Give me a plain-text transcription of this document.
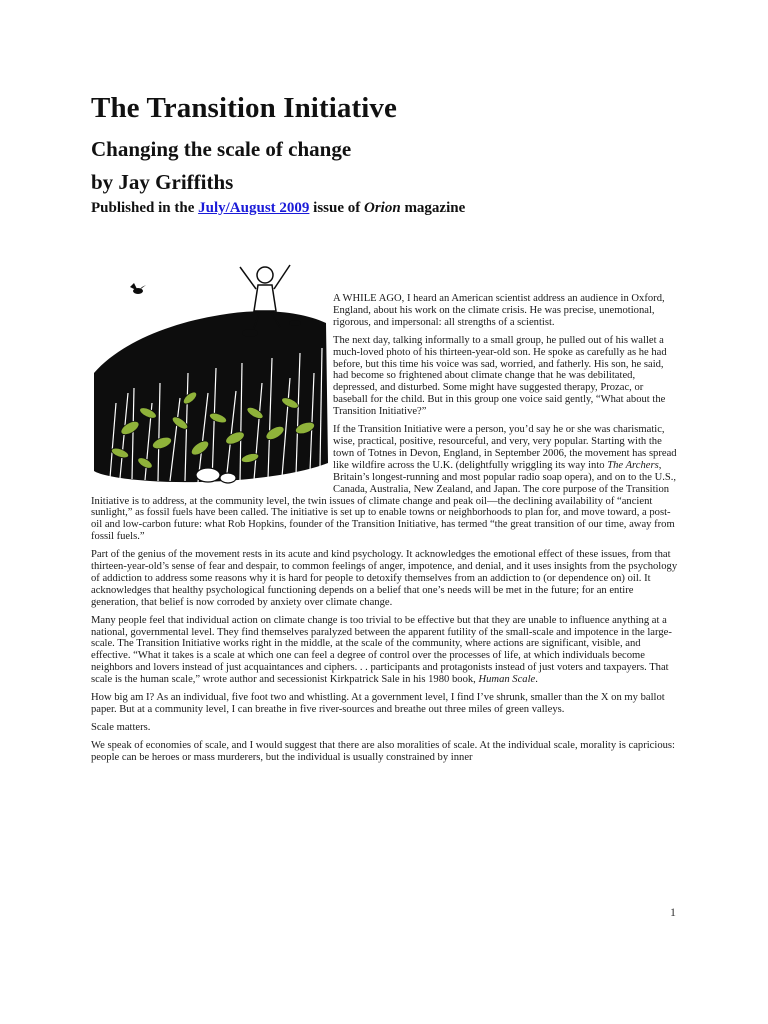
The Transition Initiative
Changing the scale of change
by Jay Griffiths

Published in the July/August 2009 issue of Orion magazine

A WHILE AGO, I heard an American scientist address an audience in Oxford, England, about his work on the climate crisis. He was precise, unemotional, rigorous, and impersonal: all strengths of a scientist.

The next day, talking informally to a small group, he pulled out of his wallet a much-loved photo of his thirteen-year-old son. He spoke as carefully as he had before, but this time his voice was sad, worried, and fatherly. His son, he said, had become so frightened about climate change that he was debilitated, depressed, and disturbed. Some might have suggested therapy, Prozac, or baseball for the child. But in this group one voice said gently, “What about the Transition Initiative?”

If the Transition Initiative were a person, you’d say he or she was charismatic, wise, practical, positive, resourceful, and very, very popular. Starting with the town of Totnes in Devon, England, in September 2006, the movement has spread like wildfire across the U.K. (delightfully wriggling its way into The Archers, Britain’s longest-running and most popular radio soap opera), and on to the U.S., Canada, Australia, New Zealand, and Japan. The core purpose of the Transition Initiative is to address, at the community level, the twin issues of climate change and peak oil—the declining availability of “ancient sunlight,” as fossil fuels have been called. The initiative is set up to enable towns or neighborhoods to plan for, and move toward, a post-oil and low-carbon future: what Rob Hopkins, founder of the Transition Initiative, has termed “the great transition of our time, away from fossil fuels.”

Part of the genius of the movement rests in its acute and kind psychology. It acknowledges the emotional effect of these issues, from that thirteen-year-old’s sense of fear and despair, to common feelings of anger, impotence, and denial, and it uses insights from the psychology of addiction to address some reasons why it is hard for people to detoxify themselves from an addiction to (or dependence on) oil. It acknowledges that healthy psychological functioning depends on a belief that one’s needs will be met in the future; for an entire generation, that belief is now corroded by anxiety over climate change.

Many people feel that individual action on climate change is too trivial to be effective but that they are unable to influence anything at a national, governmental level. They find themselves paralyzed between the apparent futility of the small-scale and impotence in the large-scale. The Transition Initiative works right in the middle, at the scale of the community, where actions are significant, visible, and effective. “What it takes is a scale at which one can feel a degree of control over the processes of life, at which individuals become neighbors and lovers instead of just acquaintances and ciphers. . . participants and protagonists instead of just voters and taxpayers. That scale is the human scale,” wrote author and secessionist Kirkpatrick Sale in his 1980 book, Human Scale.

How big am I? As an individual, five foot two and whistling. At a government level, I find I’ve shrunk, smaller than the X on my ballot paper. But at a community level, I can breathe in five river-sources and breathe out three miles of green valleys.

Scale matters.

We speak of economies of scale, and I would suggest that there are also moralities of scale. At the individual scale, morality is capricious: people can be heroes or mass murderers, but the individual is usually constrained by inner

1
